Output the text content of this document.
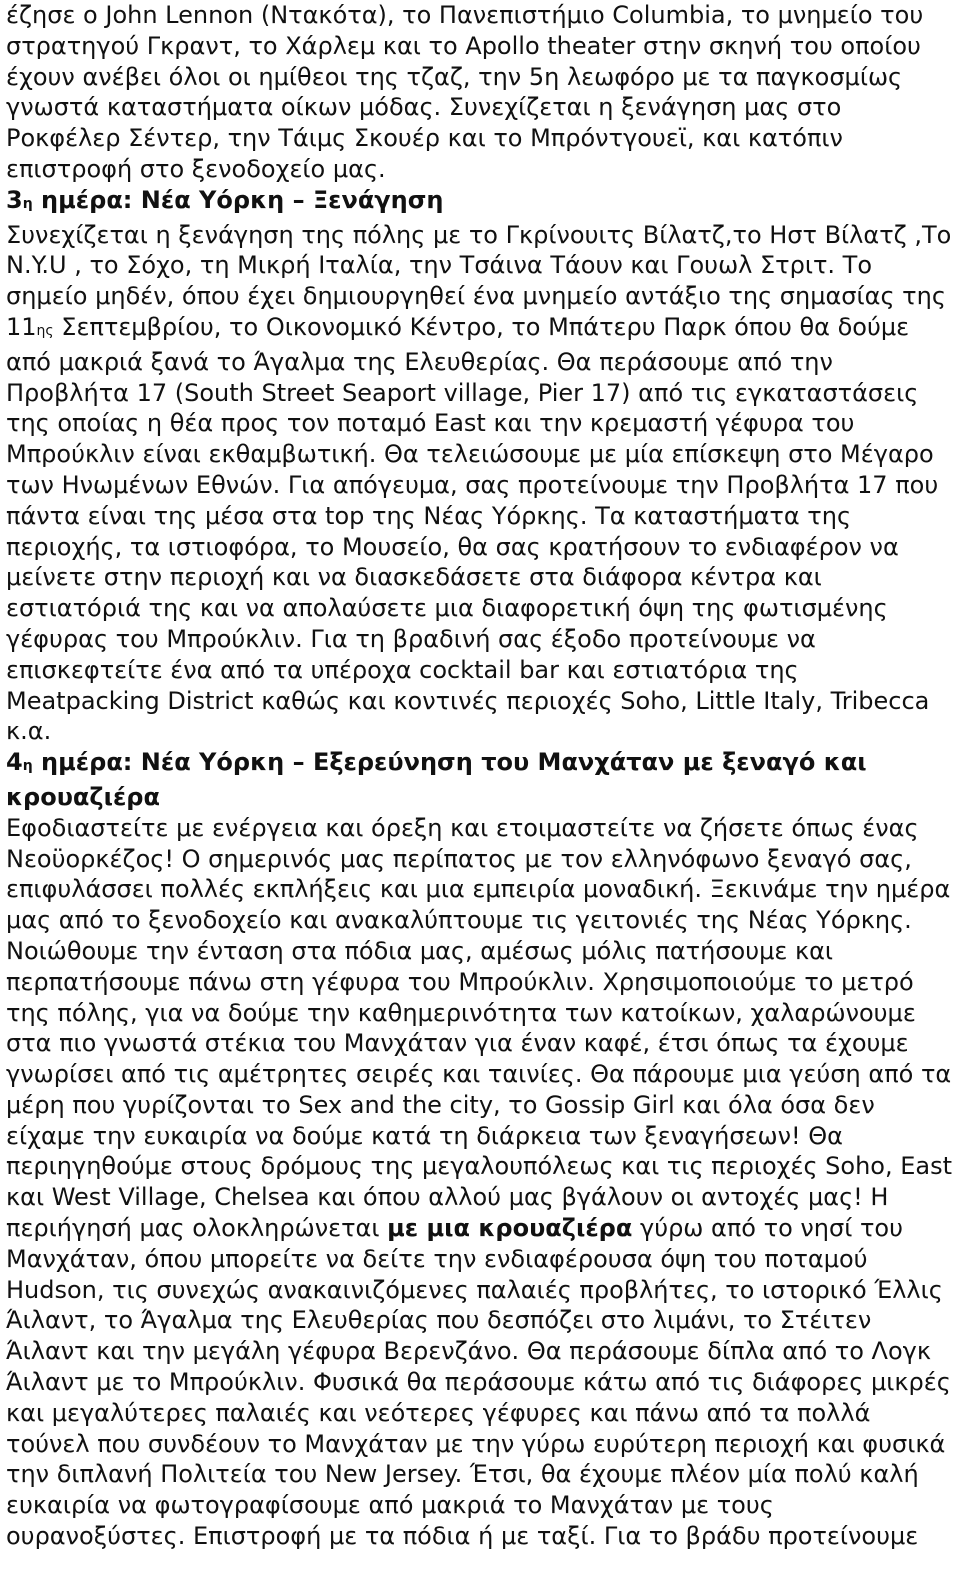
έζησε ο John Lennon (Ντακότα), το Πανεπιστήμιο Columbia, το μνημείο του στρατηγού Γκραντ, το Χάρλεμ και το Apollo theater στην σκηνή του οποίου έχουν ανέβει όλοι οι ημίθεοι της τζαζ, την 5η λεωφόρο με τα παγκοσμίως γνωστά καταστήματα οίκων μόδας. Συνεχίζεται η ξενάγηση μας στο Ροκφέλερ Σέντερ, την Τάιμς Σκουέρ και το Μπρόντγουεϊ, και κατόπιν επιστροφή στο ξενοδοχείο μας.

3η ημέρα: Νέα Υόρκη – Ξενάγηση

Συνεχίζεται η ξενάγηση της πόλης με το Γκρίνουιτς Βίλατζ,το Ηστ Βίλατζ ,Το N.Y.U , το Σόχο, τη Μικρή Ιταλία, την Τσάινα Τάουν και Γουωλ Στριτ. Το σημείο μηδέν, όπου έχει δημιουργηθεί ένα μνημείο αντάξιο της σημασίας της 11ης Σεπτεμβρίου, το Οικονομικό Κέντρο, το Μπάτερυ Παρκ όπου θα δούμε από μακριά ξανά το Άγαλμα της Ελευθερίας. Θα περάσουμε από την Προβλήτα 17 (South Street Seaport village, Pier 17) από τις εγκαταστάσεις της οποίας η θέα προς τον ποταμό East και την κρεμαστή γέφυρα του Μπρούκλιν είναι εκθαμβωτική. Θα τελειώσουμε με μία επίσκεψη στο Μέγαρο των Ηνωμένων Εθνών. Για απόγευμα, σας προτείνουμε την Προβλήτα 17 που πάντα είναι της μέσα στα top της Νέας Υόρκης. Τα καταστήματα της περιοχής, τα ιστιοφόρα, το Μουσείο, θα σας κρατήσουν το ενδιαφέρον να μείνετε στην περιοχή και να διασκεδάσετε στα διάφορα κέντρα και εστιατόριά της και να απολαύσετε μια διαφορετική όψη της φωτισμένης γέφυρας του Μπρούκλιν. Για τη βραδινή σας έξοδο προτείνουμε να επισκεφτείτε ένα από τα υπέροχα cocktail bar και εστιατόρια της Meatpacking District καθώς και κοντινές περιοχές Soho, Little Italy, Tribecca κ.α.

4η ημέρα: Νέα Υόρκη – Εξερεύνηση του Μανχάταν με ξεναγό και κρουαζιέρα

Εφοδιαστείτε με ενέργεια και όρεξη και ετοιμαστείτε να ζήσετε όπως ένας Νεοϋορκέζος! Ο σημερινός μας περίπατος με τον ελληνόφωνο ξεναγό σας, επιφυλάσσει πολλές εκπλήξεις και μια εμπειρία μοναδική. Ξεκινάμε την ημέρα μας από το ξενοδοχείο και ανακαλύπτουμε τις γειτονιές της Νέας Υόρκης. Νοιώθουμε την ένταση στα πόδια μας, αμέσως μόλις πατήσουμε και περπατήσουμε πάνω στη γέφυρα του Μπρούκλιν. Χρησιμοποιούμε το μετρό της πόλης, για να δούμε την καθημερινότητα των κατοίκων, χαλαρώνουμε στα πιο γνωστά στέκια του Μανχάταν για έναν καφέ, έτσι όπως τα έχουμε γνωρίσει από τις αμέτρητες σειρές και ταινίες. Θα πάρουμε μια γεύση από τα μέρη που γυρίζονται το Sex and the city, το Gossip Girl και όλα όσα δεν είχαμε την ευκαιρία να δούμε κατά τη διάρκεια των ξεναγήσεων! Θα περιηγηθούμε στους δρόμους της μεγαλουπόλεως και τις περιοχές Soho, East και West Village, Chelsea και όπου αλλού μας βγάλουν οι αντοχές μας! Η περιήγησή μας ολοκληρώνεται με μια κρουαζιέρα γύρω από το νησί του Μανχάταν, όπου μπορείτε να δείτε την ενδιαφέρουσα όψη του ποταμού Hudson, τις συνεχώς ανακαινιζόμενες παλαιές προβλήτες, το ιστορικό Έλλις Άιλαντ, το Άγαλμα της Ελευθερίας που δεσπόζει στο λιμάνι, το Στέιτεν Άιλαντ και την μεγάλη γέφυρα Βερενζάνο. Θα περάσουμε δίπλα από το Λογκ Άιλαντ με το Μπρούκλιν. Φυσικά θα περάσουμε κάτω από τις διάφορες μικρές και μεγαλύτερες παλαιές και νεότερες γέφυρες και πάνω από τα πολλά τούνελ που συνδέουν το Μανχάταν με την γύρω ευρύτερη περιοχή και φυσικά την διπλανή Πολιτεία του New Jersey. Έτσι, θα έχουμε πλέον μία πολύ καλή ευκαιρία να φωτογραφίσουμε από μακριά το Μανχάταν με τους ουρανοξύστες. Επιστροφή με τα πόδια ή με ταξί. Για το βράδυ προτείνουμε
